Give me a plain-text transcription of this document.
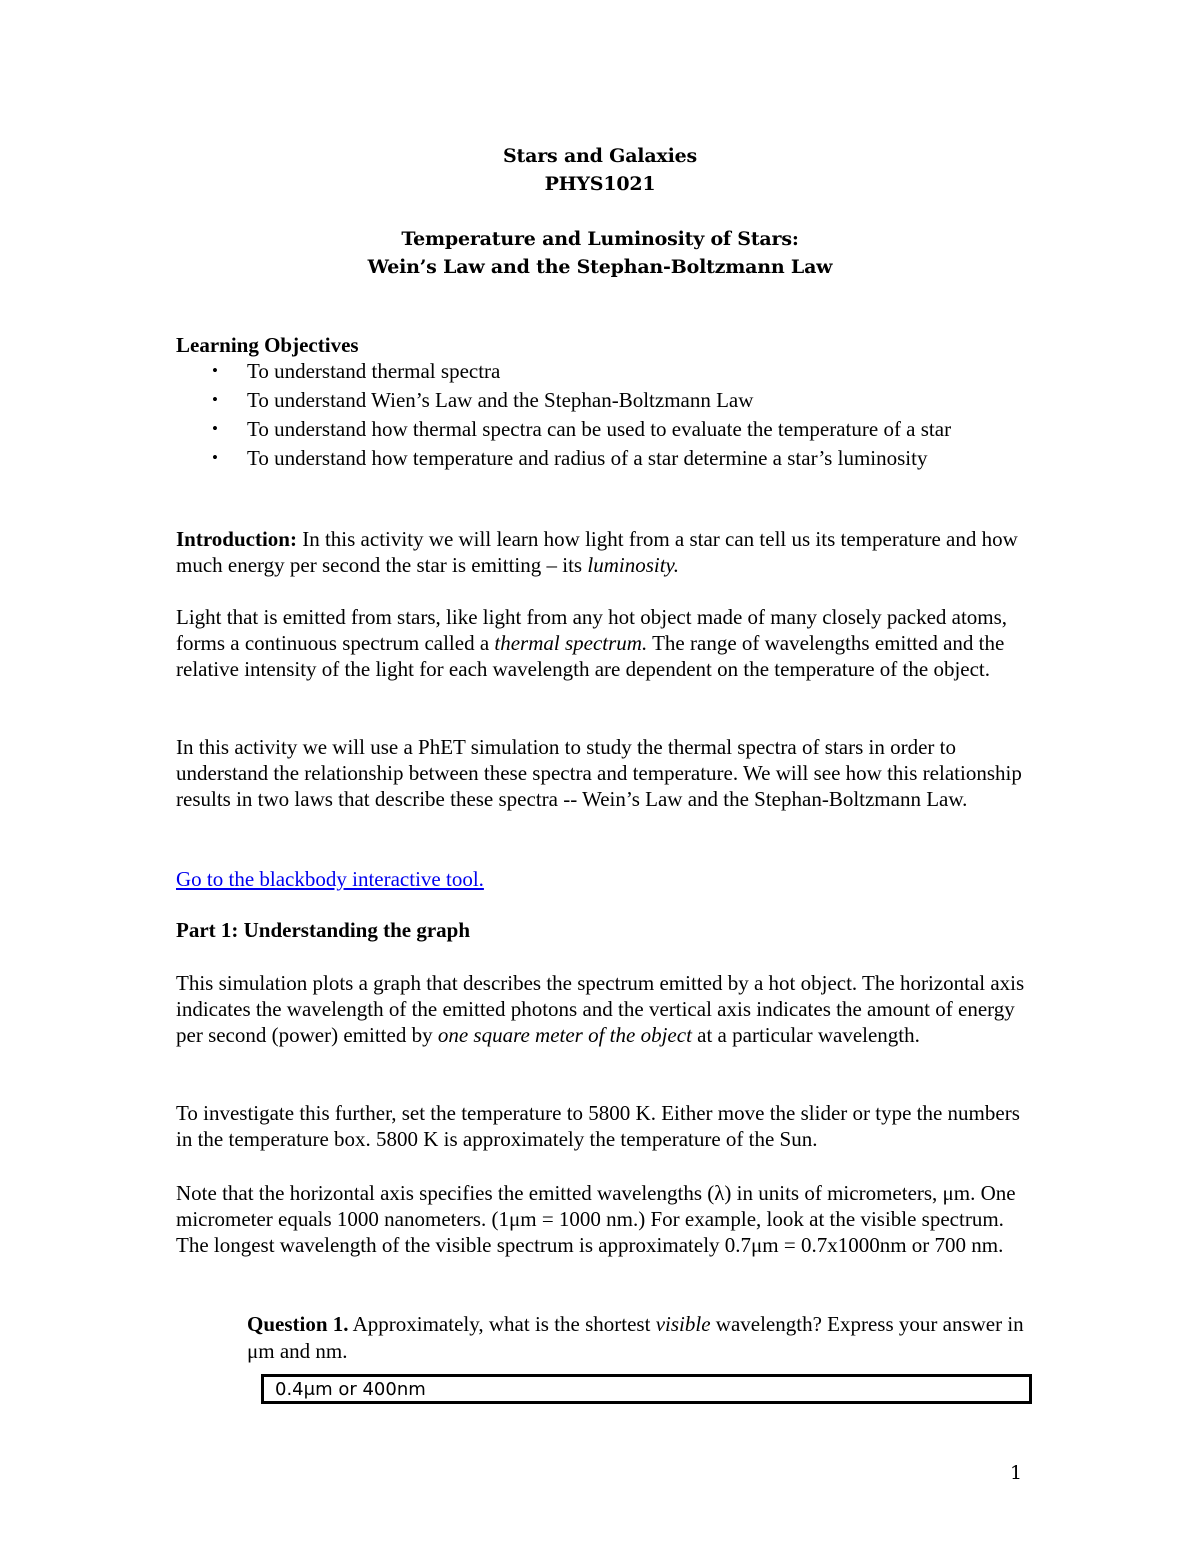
Stars and Galaxies
PHYS1021
Temperature and Luminosity of Stars:
Wein’s Law and the Stephan-Boltzmann Law
Learning Objectives
• To understand thermal spectra
• To understand Wien’s Law and the Stephan-Boltzmann Law
• To understand how thermal spectra can be used to evaluate the temperature of a star
• To understand how temperature and radius of a star determine a star’s luminosity
Introduction: In this activity we will learn how light from a star can tell us its temperature and how much energy per second the star is emitting – its luminosity.
Light that is emitted from stars, like light from any hot object made of many closely packed atoms, forms a continuous spectrum called a thermal spectrum. The range of wavelengths emitted and the relative intensity of the light for each wavelength are dependent on the temperature of the object.
In this activity we will use a PhET simulation to study the thermal spectra of stars in order to understand the relationship between these spectra and temperature. We will see how this relationship results in two laws that describe these spectra -- Wein’s Law and the Stephan-Boltzmann Law.
Go to the blackbody interactive tool.
Part 1: Understanding the graph
This simulation plots a graph that describes the spectrum emitted by a hot object. The horizontal axis indicates the wavelength of the emitted photons and the vertical axis indicates the amount of energy per second (power) emitted by one square meter of the object at a particular wavelength.
To investigate this further, set the temperature to 5800 K. Either move the slider or type the numbers in the temperature box. 5800 K is approximately the temperature of the Sun.
Note that the horizontal axis specifies the emitted wavelengths (λ) in units of micrometers, μm. One micrometer equals 1000 nanometers. (1μm = 1000 nm.) For example, look at the visible spectrum. The longest wavelength of the visible spectrum is approximately 0.7μm = 0.7x1000nm or 700 nm.
Question 1. Approximately, what is the shortest visible wavelength? Express your answer in μm and nm.
0.4μm or 400nm
1
